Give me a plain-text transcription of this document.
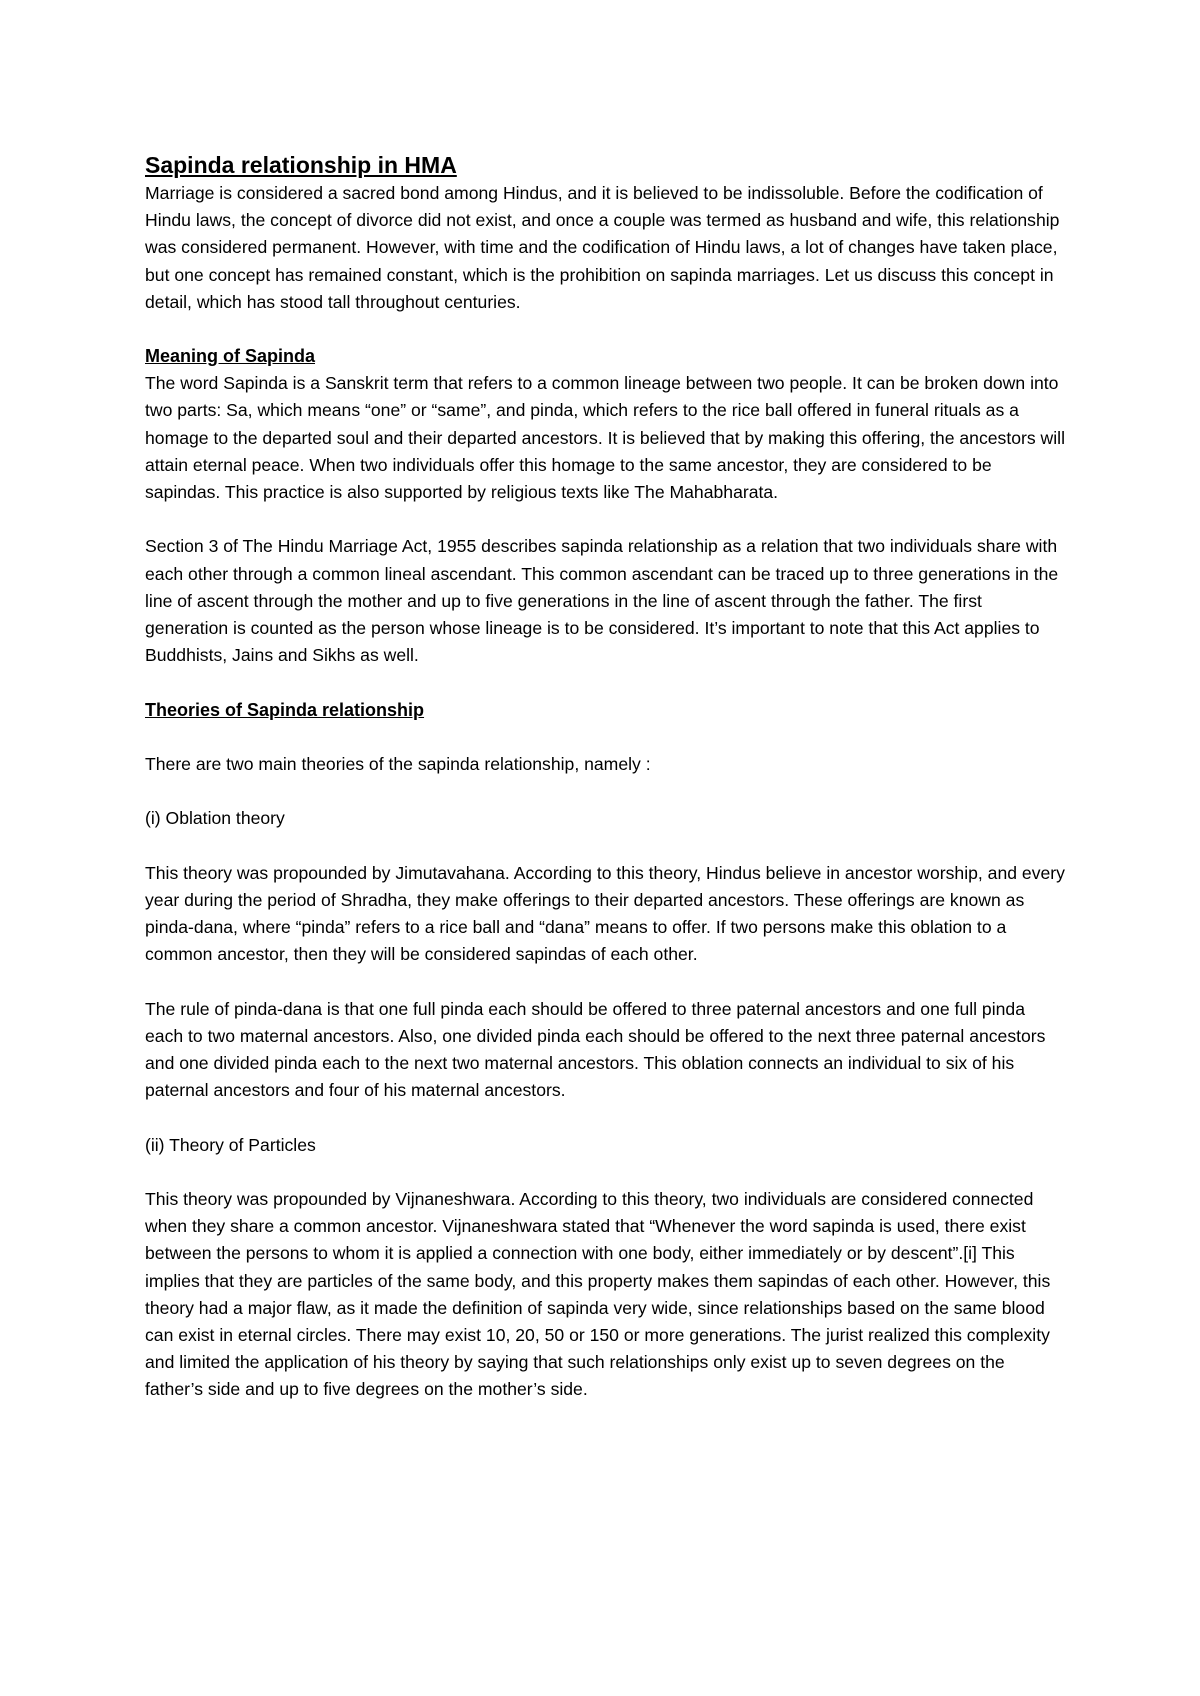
Sapinda relationship in HMA

Marriage is considered a sacred bond among Hindus, and it is believed to be indissoluble. Before the codification of Hindu laws, the concept of divorce did not exist, and once a couple was termed as husband and wife, this relationship was considered permanent. However, with time and the codification of Hindu laws, a lot of changes have taken place, but one concept has remained constant, which is the prohibition on sapinda marriages. Let us discuss this concept in detail, which has stood tall throughout centuries.

Meaning of Sapinda

The word Sapinda is a Sanskrit term that refers to a common lineage between two people. It can be broken down into two parts: Sa, which means “one” or “same”, and pinda, which refers to the rice ball offered in funeral rituals as a homage to the departed soul and their departed ancestors. It is believed that by making this offering, the ancestors will attain eternal peace. When two individuals offer this homage to the same ancestor, they are considered to be sapindas. This practice is also supported by religious texts like The Mahabharata.

Section 3 of The Hindu Marriage Act, 1955 describes sapinda relationship as a relation that two individuals share with each other through a common lineal ascendant. This common ascendant can be traced up to three generations in the line of ascent through the mother and up to five generations in the line of ascent through the father. The first generation is counted as the person whose lineage is to be considered. It’s important to note that this Act applies to Buddhists, Jains and Sikhs as well.

Theories of Sapinda relationship

There are two main theories of the sapinda relationship, namely :

(i) Oblation theory

This theory was propounded by Jimutavahana. According to this theory, Hindus believe in ancestor worship, and every year during the period of Shradha, they make offerings to their departed ancestors. These offerings are known as pinda-dana, where “pinda” refers to a rice ball and “dana” means to offer. If two persons make this oblation to a common ancestor, then they will be considered sapindas of each other.

The rule of pinda-dana is that one full pinda each should be offered to three paternal ancestors and one full pinda each to two maternal ancestors. Also, one divided pinda each should be offered to the next three paternal ancestors and one divided pinda each to the next two maternal ancestors. This oblation connects an individual to six of his paternal ancestors and four of his maternal ancestors.

(ii) Theory of Particles

This theory was propounded by Vijnaneshwara. According to this theory, two individuals are considered connected when they share a common ancestor. Vijnaneshwara stated that “Whenever the word sapinda is used, there exist between the persons to whom it is applied a connection with one body, either immediately or by descent”.[i] This implies that they are particles of the same body, and this property makes them sapindas of each other. However, this theory had a major flaw, as it made the definition of sapinda very wide, since relationships based on the same blood can exist in eternal circles. There may exist 10, 20, 50 or 150 or more generations. The jurist realized this complexity and limited the application of his theory by saying that such relationships only exist up to seven degrees on the father’s side and up to five degrees on the mother’s side.
